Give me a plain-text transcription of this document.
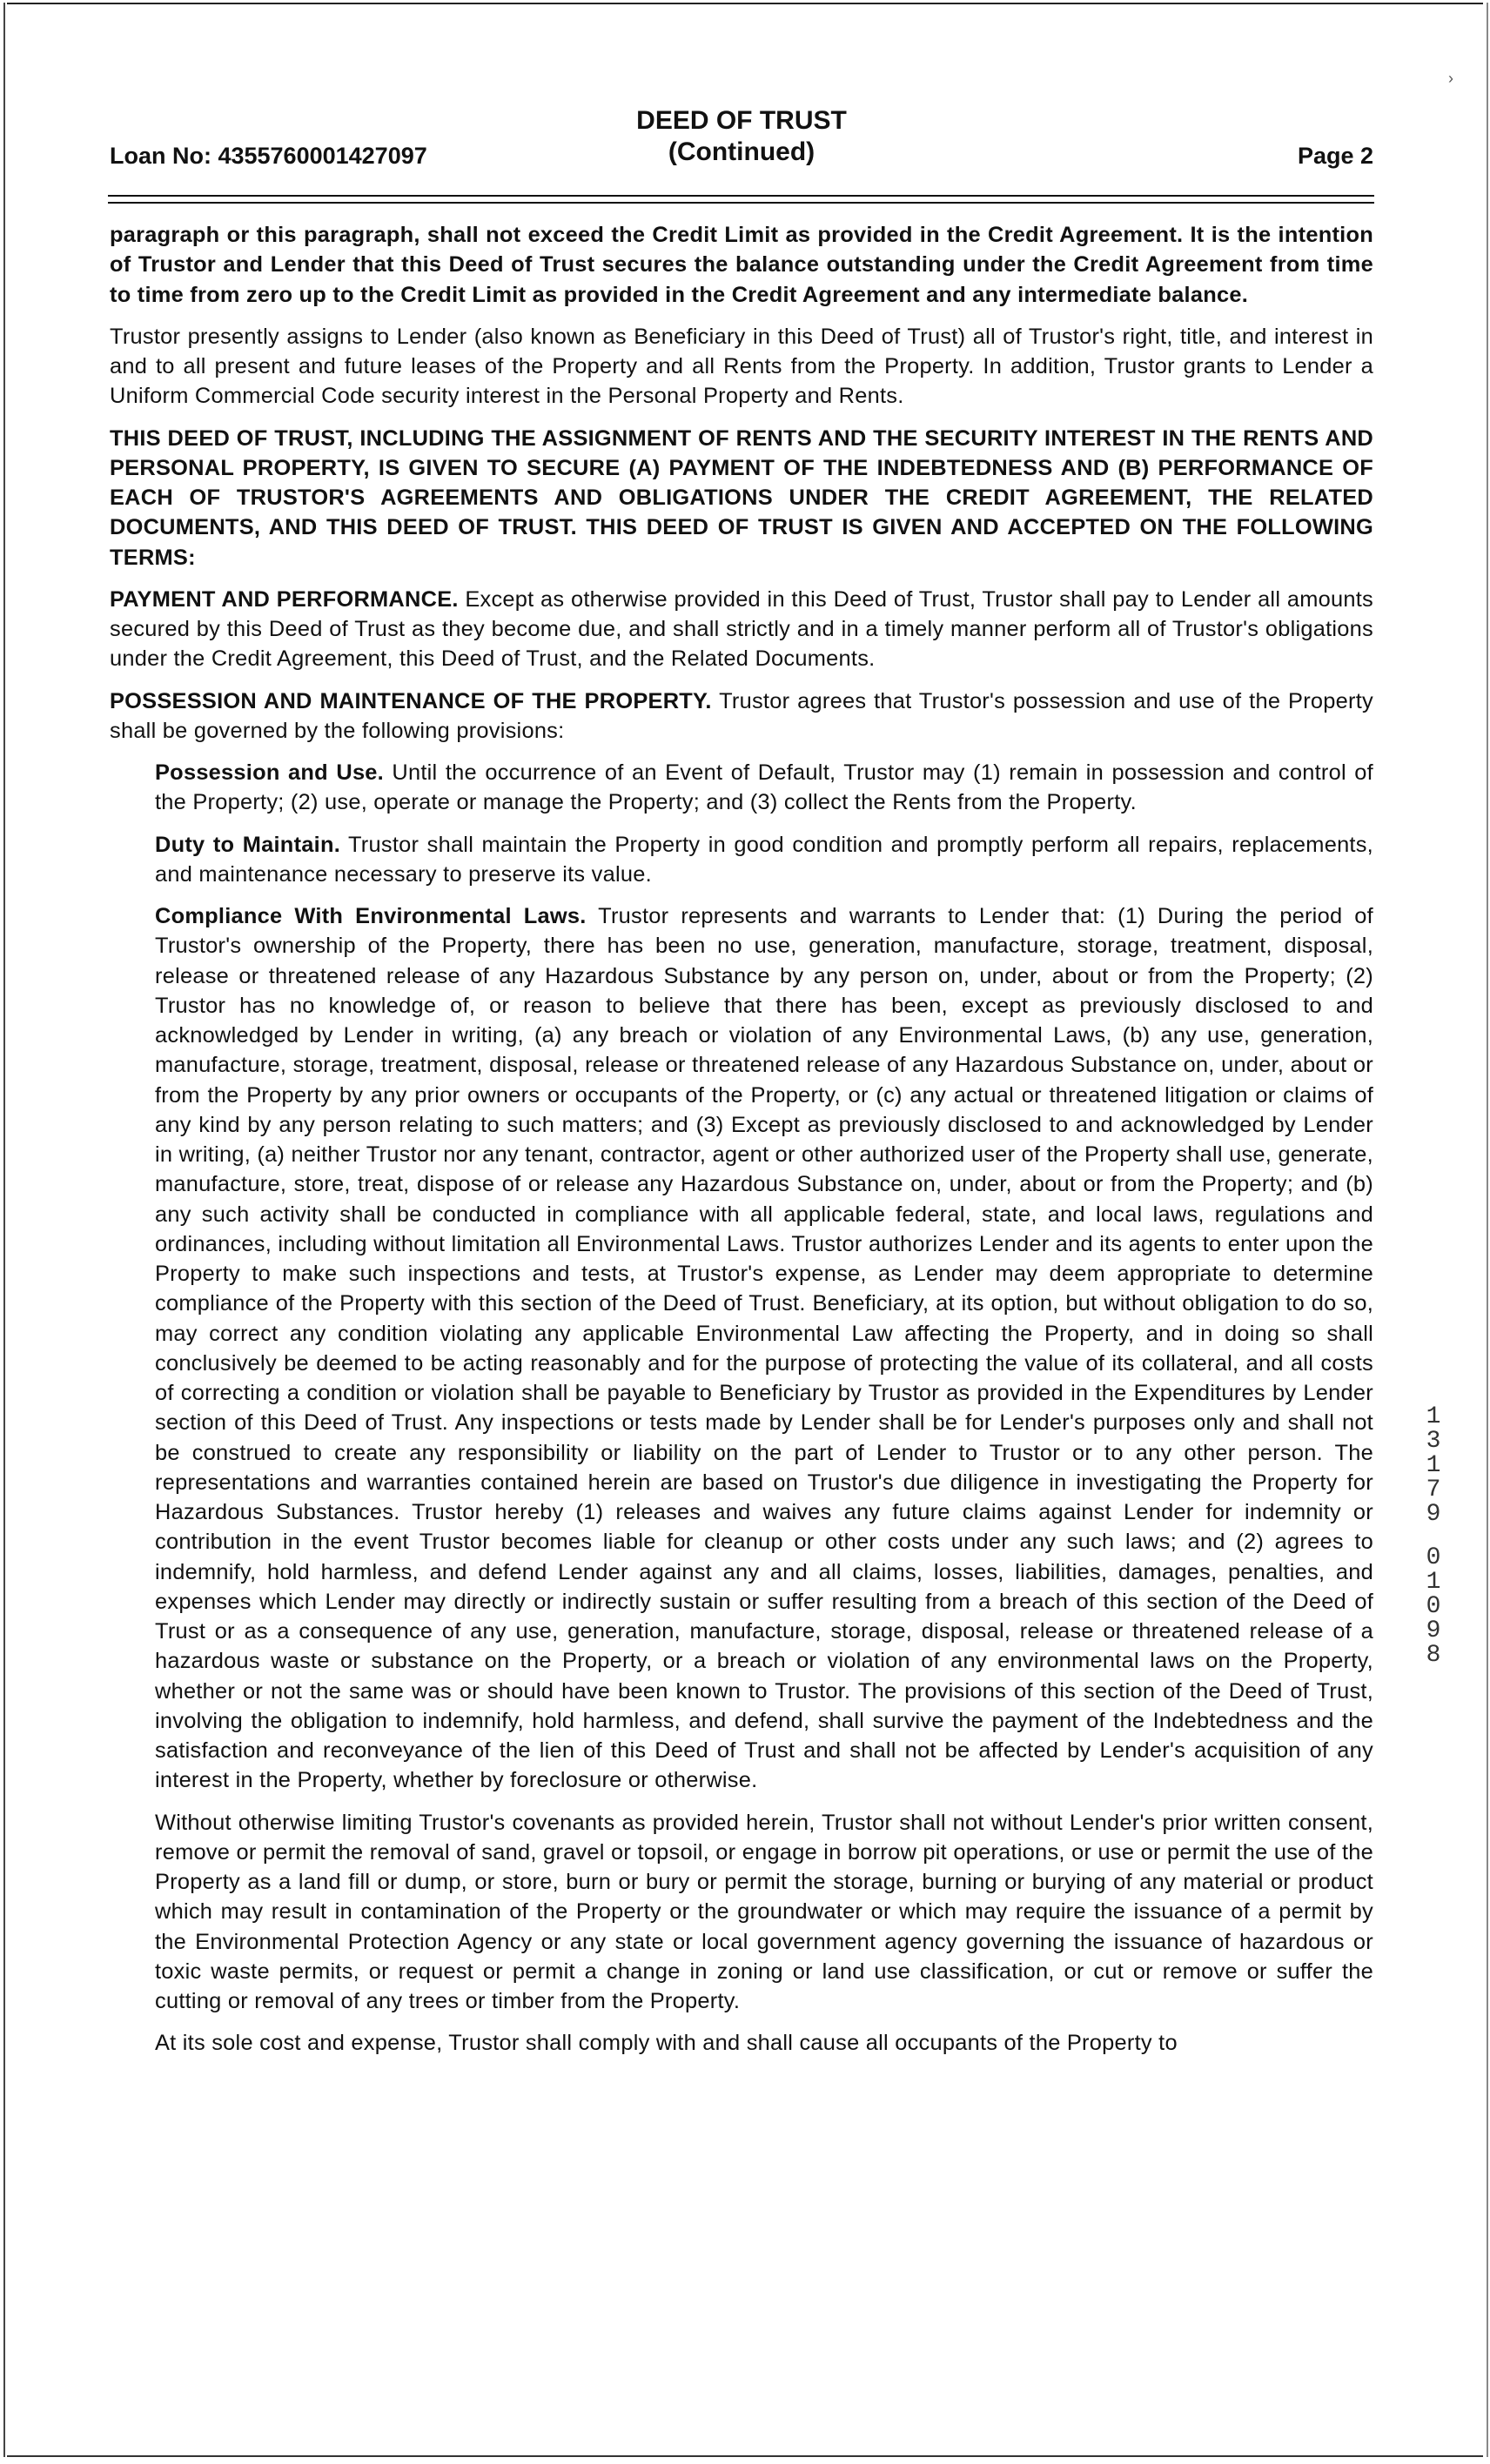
›
Loan No: 4355760001427097
DEED OF TRUST
(Continued)	Page 2

paragraph or this paragraph, shall not exceed the Credit Limit as provided in the Credit Agreement. It is the intention of Trustor and Lender that this Deed of Trust secures the balance outstanding under the Credit Agreement from time to time from zero up to the Credit Limit as provided in the Credit Agreement and any intermediate balance.

Trustor presently assigns to Lender (also known as Beneficiary in this Deed of Trust) all of Trustor's right, title, and interest in and to all present and future leases of the Property and all Rents from the Property. In addition, Trustor grants to Lender a Uniform Commercial Code security interest in the Personal Property and Rents.

THIS DEED OF TRUST, INCLUDING THE ASSIGNMENT OF RENTS AND THE SECURITY INTEREST IN THE RENTS AND PERSONAL PROPERTY, IS GIVEN TO SECURE (A) PAYMENT OF THE INDEBTEDNESS AND (B) PERFORMANCE OF EACH OF TRUSTOR'S AGREEMENTS AND OBLIGATIONS UNDER THE CREDIT AGREEMENT, THE RELATED DOCUMENTS, AND THIS DEED OF TRUST. THIS DEED OF TRUST IS GIVEN AND ACCEPTED ON THE FOLLOWING TERMS:

PAYMENT AND PERFORMANCE. Except as otherwise provided in this Deed of Trust, Trustor shall pay to Lender all amounts secured by this Deed of Trust as they become due, and shall strictly and in a timely manner perform all of Trustor's obligations under the Credit Agreement, this Deed of Trust, and the Related Documents.

POSSESSION AND MAINTENANCE OF THE PROPERTY. Trustor agrees that Trustor's possession and use of the Property shall be governed by the following provisions:

Possession and Use. Until the occurrence of an Event of Default, Trustor may (1) remain in possession and control of the Property; (2) use, operate or manage the Property; and (3) collect the Rents from the Property.

Duty to Maintain. Trustor shall maintain the Property in good condition and promptly perform all repairs, replacements, and maintenance necessary to preserve its value.

Compliance With Environmental Laws. Trustor represents and warrants to Lender that: (1) During the period of Trustor's ownership of the Property, there has been no use, generation, manufacture, storage, treatment, disposal, release or threatened release of any Hazardous Substance by any person on, under, about or from the Property; (2) Trustor has no knowledge of, or reason to believe that there has been, except as previously disclosed to and acknowledged by Lender in writing, (a) any breach or violation of any Environmental Laws, (b) any use, generation, manufacture, storage, treatment, disposal, release or threatened release of any Hazardous Substance on, under, about or from the Property by any prior owners or occupants of the Property, or (c) any actual or threatened litigation or claims of any kind by any person relating to such matters; and (3) Except as previously disclosed to and acknowledged by Lender in writing, (a) neither Trustor nor any tenant, contractor, agent or other authorized user of the Property shall use, generate, manufacture, store, treat, dispose of or release any Hazardous Substance on, under, about or from the Property; and (b) any such activity shall be conducted in compliance with all applicable federal, state, and local laws, regulations and ordinances, including without limitation all Environmental Laws. Trustor authorizes Lender and its agents to enter upon the Property to make such inspections and tests, at Trustor's expense, as Lender may deem appropriate to determine compliance of the Property with this section of the Deed of Trust. Beneficiary, at its option, but without obligation to do so, may correct any condition violating any applicable Environmental Law affecting the Property, and in doing so shall conclusively be deemed to be acting reasonably and for the purpose of protecting the value of its collateral, and all costs of correcting a condition or violation shall be payable to Beneficiary by Trustor as provided in the Expenditures by Lender section of this Deed of Trust. Any inspections or tests made by Lender shall be for Lender's purposes only and shall not be construed to create any responsibility or liability on the part of Lender to Trustor or to any other person. The representations and warranties contained herein are based on Trustor's due diligence in investigating the Property for Hazardous Substances. Trustor hereby (1) releases and waives any future claims against Lender for indemnity or contribution in the event Trustor becomes liable for cleanup or other costs under any such laws; and (2) agrees to indemnify, hold harmless, and defend Lender against any and all claims, losses, liabilities, damages, penalties, and expenses which Lender may directly or indirectly sustain or suffer resulting from a breach of this section of the Deed of Trust or as a consequence of any use, generation, manufacture, storage, disposal, release or threatened release of a hazardous waste or substance on the Property, or a breach or violation of any environmental laws on the Property, whether or not the same was or should have been known to Trustor. The provisions of this section of the Deed of Trust, involving the obligation to indemnify, hold harmless, and defend, shall survive the payment of the Indebtedness and the satisfaction and reconveyance of the lien of this Deed of Trust and shall not be affected by Lender's acquisition of any interest in the Property, whether by foreclosure or otherwise.

Without otherwise limiting Trustor's covenants as provided herein, Trustor shall not without Lender's prior written consent, remove or permit the removal of sand, gravel or topsoil, or engage in borrow pit operations, or use or permit the use of the Property as a land fill or dump, or store, burn or bury or permit the storage, burning or burying of any material or product which may result in contamination of the Property or the groundwater or which may require the issuance of a permit by the Environmental Protection Agency or any state or local government agency governing the issuance of hazardous or toxic waste permits, or request or permit a change in zoning or land use classification, or cut or remove or suffer the cutting or removal of any trees or timber from the Property.

At its sole cost and expense, Trustor shall comply with and shall cause all occupants of the Property to

1
3
1
7
9
0
1
0
9
8
